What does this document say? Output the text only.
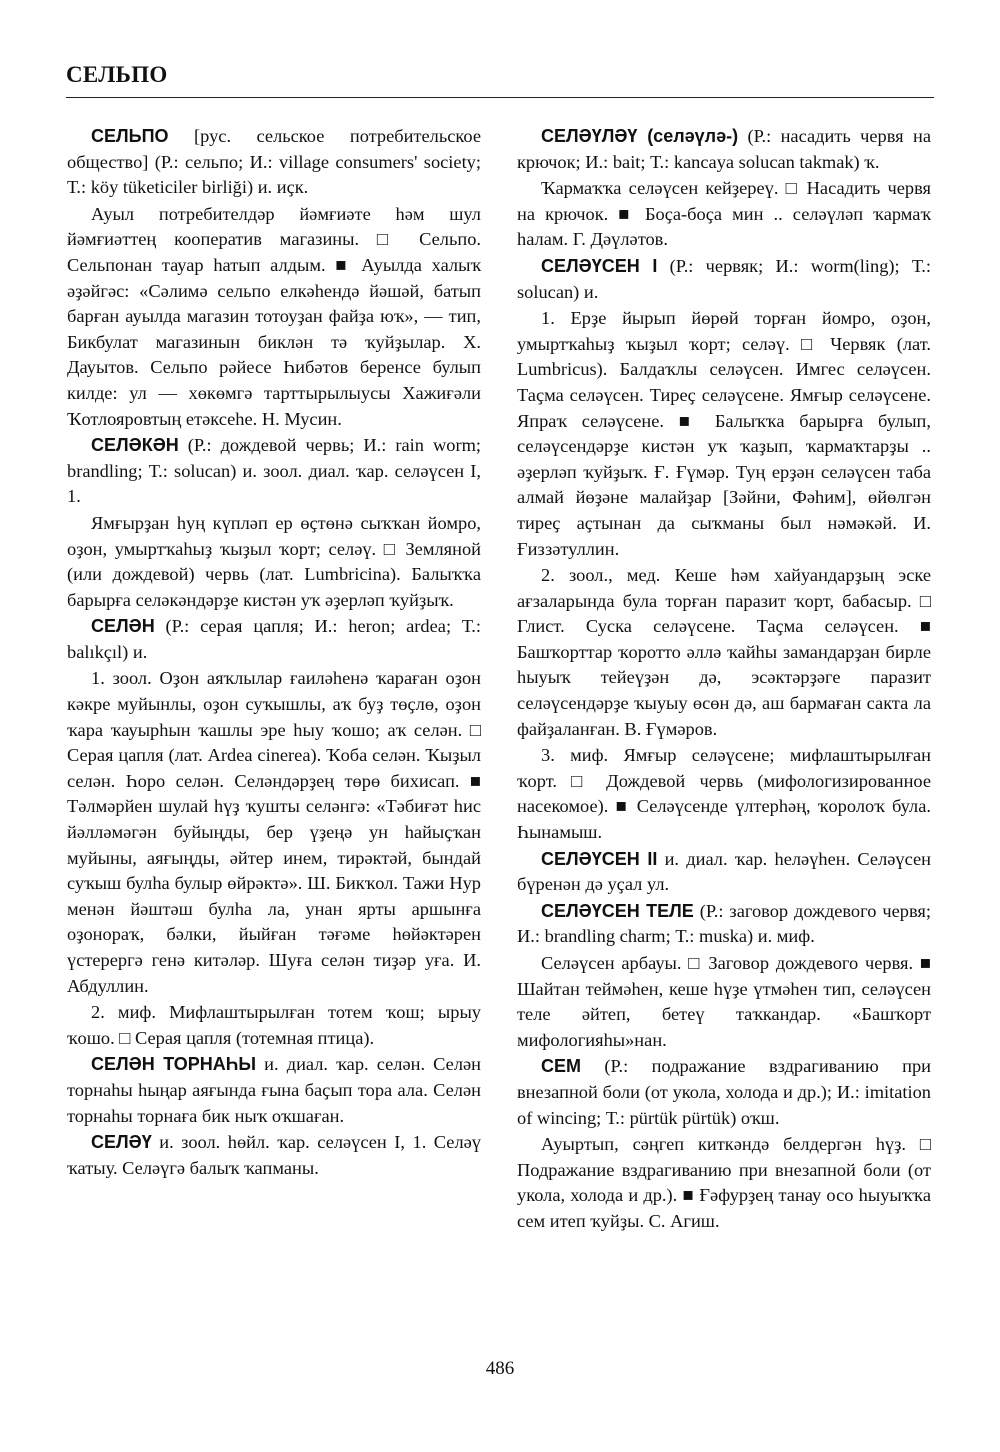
СЕЛЬПО

СЕЛЬПО [рус. сельское потребительское общество] (Р.: сельпо; И.: village consumers' society; Т.: köy tüketiciler birliği) и. иҫк.

Ауыл потребителдәр йәмғиәте һәм шул йәмғиәттең кооператив магазины. □ Сельпо. Сельпонан тауар һатып алдым. ■ Ауылда халыҡ әҙәйгәс: «Сәлимә сельпо елкәһендә йәшәй, батып барған ауылда магазин тотоуҙан файҙа юҡ», — тип, Бикбулат магазинын биклән тә ҡуйҙылар. Х. Дауытов. Сельпо рәйесе Һибәтов беренсе булып килде: ул — хөкөмгә тарттырылыусы Хажиғәли Ҡотлояровтың етәксеһе. Н. Мусин.

СЕЛӘКӘН (Р.: дождевой червь; И.: rain worm; brandling; Т.: solucan) и. зоол. диал. ҡар. селәүсен I, 1.

Ямғырҙан һуң күпләп ер өҫтөнә сыҡҡан йомро, оҙон, умыртҡаһыҙ ҡыҙыл ҡорт; селәү. □ Земляной (или дождевой) червь (лат. Lumbricina). Балыҡҡа барырға селәкәндәрҙе кистән уҡ әҙерләп ҡуйҙыҡ.

СЕЛӘН (Р.: серая цапля; И.: heron; ardea; Т.: balıkçıl) и.

1. зоол. Оҙон аяҡлылар ғаиләһенә ҡараған оҙон кәкре муйынлы, оҙон суҡышлы, аҡ буҙ төҫлө, оҙон ҡара ҡауырһын ҡашлы эре һыу ҡошо; аҡ селән. □ Серая цапля (лат. Ardea cinerea). Ҡоба селән. Ҡыҙыл селән. Һоро селән. Селәндәрҙең төрө бихисап. ■ Тәлмәрйен шулай һүҙ ҡушты селәнгә: «Тәбиғәт һис йәлләмәгән буйыңды, бер үҙеңә ун һайыҫҡан муйыны, аяғыңды, әйтер инем, тирәктәй, бындай суҡыш булһа булыр өйрәктә». Ш. Бикҡол. Тажи Нур менән йәштәш булһа ла, унан ярты аршынға оҙонораҡ, бәлки, йыйған тәғәме һөйәктәрен үстерергә генә китәләр. Шуға селән тиҙәр уға. И. Абдуллин.

2. миф. Мифлаштырылған тотем ҡош; ырыу ҡошо. □ Серая цапля (тотемная птица).

СЕЛӘН ТОРНАҺЫ и. диал. ҡар. селән. Селән торнаһы һыңар аяғында ғына баҫып тора ала. Селән торнаһы торнаға бик ныҡ оҡшаған.

СЕЛӘҮ и. зоол. һөйл. ҡар. селәүсен I, 1. Селәү ҡатыу. Селәүгә балыҡ ҡапманы.

СЕЛӘҮЛӘҮ (селәүлә-) (Р.: насадить червя на крючок; И.: bait; Т.: kancaya solucan takmak) ҡ.

Ҡармаҡҡа селәүсен кейҙереү. □ Насадить червя на крючок. ■ Боҫа-боҫа мин .. селәүләп ҡармаҡ һалам. Г. Дәүләтов.

СЕЛӘҮСЕН I (Р.: червяк; И.: worm(ling); Т.: solucan) и.

1. Ерҙе йырып йөрөй торған йомро, оҙон, умыртҡаһыҙ ҡыҙыл ҡорт; селәү. □ Червяк (лат. Lumbricus). Балдаҡлы селәүсен. Имгес селәүсен. Таҫма селәүсен. Тиреҫ селәүсене. Ямғыр селәүсене. Япраҡ селәүсене. ■ Балыҡҡа барырға булып, селәүсендәрҙе кистән уҡ ҡаҙып, ҡармаҡтарҙы .. әҙерләп ҡуйҙыҡ. Ғ. Ғүмәр. Туң ерҙән селәүсен таба алмай йөҙәне малайҙар [Зәйни, Фәһим], өйөлгән тиреҫ аҫтынан да сыҡманы был нәмәкәй. И. Ғиззәтуллин.

2. зоол., мед. Кеше һәм хайуандарҙың эске ағзаларында була торған паразит ҡорт, бабасыр. □ Глист. Суска селәүсене. Таҫма селәүсен. ■ Башҡорттар ҡоротто әллә ҡайһы замандарҙан бирле һыуыҡ тейеүҙән дә, эсәктәрҙәге паразит селәүсендәрҙе ҡыуыу өсөн дә, аш бармаған сакта ла файҙаланған. В. Ғүмәров.

3. миф. Ямғыр селәүсене; мифлаштырылған ҡорт. □ Дождевой червь (мифологизированное насекомое). ■ Селәүсенде үлтерһәң, ҡоролоҡ була. Һынамыш.

СЕЛӘҮСЕН II и. диал. ҡар. һеләүһен. Селәүсен бүренән дә уҫал ул.

СЕЛӘҮСЕН ТЕЛЕ (Р.: заговор дождевого червя; И.: brandling charm; Т.: muska) и. миф.

Селәүсен арбауы. □ Заговор дождевого червя. ■ Шайтан теймәһен, кеше һүҙе үтмәһен тип, селәүсен теле әйтеп, бетеү таҡкандар. «Башҡорт мифологияһы»нан.

СЕМ (Р.: подражание вздрагиванию при внезапной боли (от укола, холода и др.); И.: imitation of wincing; Т.: pürtük pürtük) оҡш.

Ауыртып, сәңгеп киткәндә белдергән һүҙ. □ Подражание вздрагиванию при внезапной боли (от укола, холода и др.). ■ Ғәфурҙең танау осо һыуыҡҡа сем итеп ҡуйҙы. С. Агиш.

486
